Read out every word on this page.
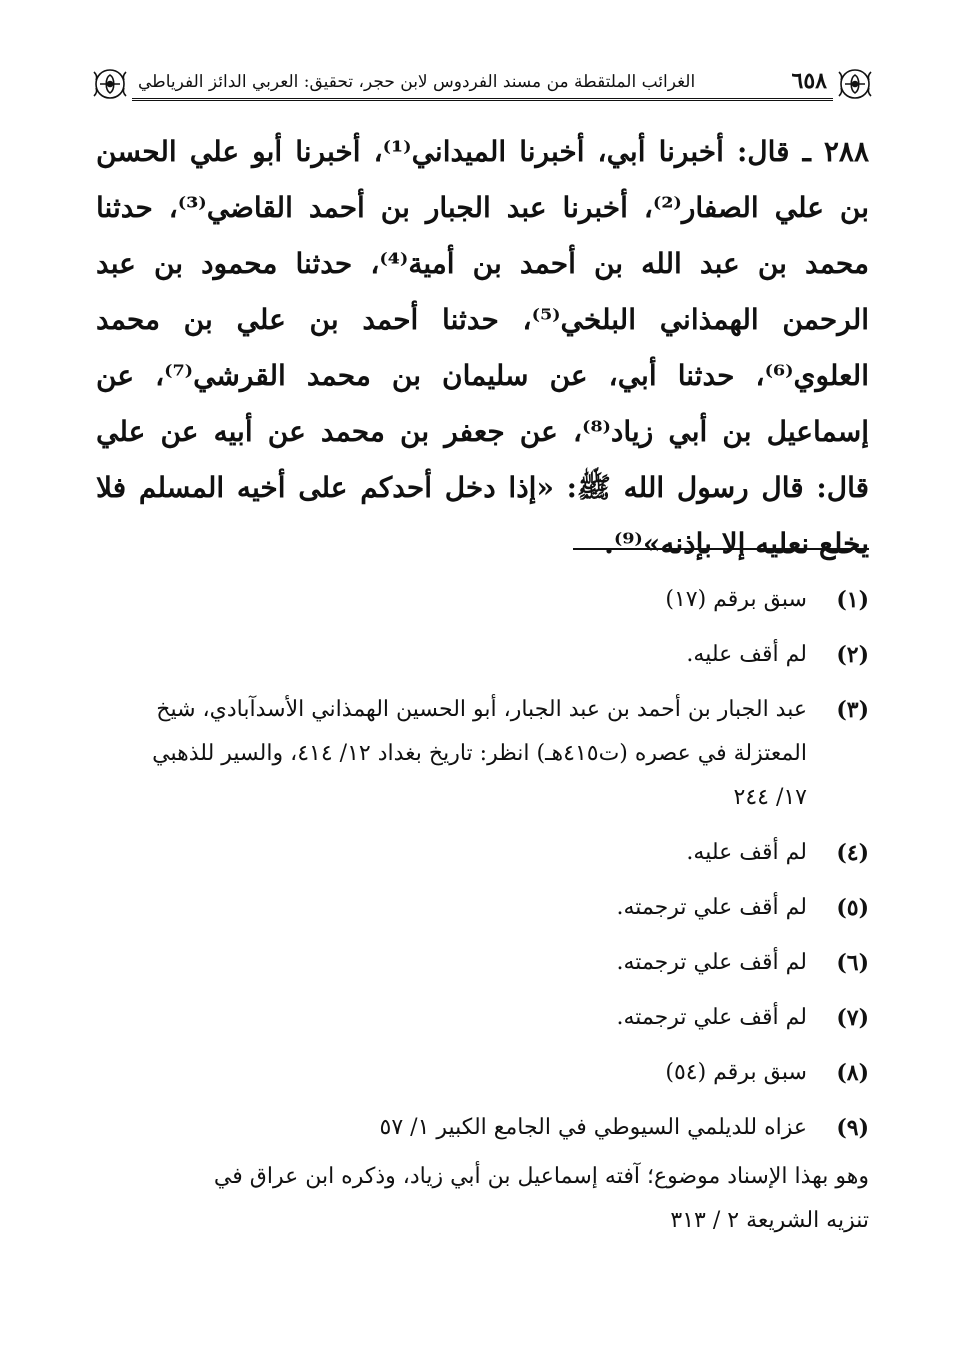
٦٥٨
الغرائب الملتقطة من مسند الفردوس لابن حجر، تحقيق: العربي الدائز الفرياطي

٢٨٨ ـ قال: أخبرنا أبي، أخبرنا الميداني⁽¹⁾، أخبرنا أبو علي الحسن بن علي الصفار⁽²⁾، أخبرنا عبد الجبار بن أحمد القاضي⁽³⁾، حدثنا محمد بن عبد الله بن أحمد بن أمية⁽⁴⁾، حدثنا محمود بن عبد الرحمن الهمذاني البلخي⁽⁵⁾، حدثنا أحمد بن علي بن محمد العلوي⁽⁶⁾، حدثنا أبي، عن سليمان بن محمد القرشي⁽⁷⁾، عن إسماعيل بن أبي زياد⁽⁸⁾، عن جعفر بن محمد عن أبيه عن علي قال: قال رسول الله ﷺ: «إذا دخل أحدكم على أخيه المسلم فلا يخلع نعليه إلا بإذنه»⁽⁹⁾.

(١)
سبق برقم (١٧)
(٢)
لم أقف عليه.
(٣)
عبد الجبار بن أحمد بن عبد الجبار، أبو الحسين الهمذاني الأسدآبادي، شيخ
المعتزلة في عصره (ت٤١٥هـ) انظر: تاريخ بغداد ١٢/ ٤١٤، والسير للذهبي
١٧/ ٢٤٤
(٤)
لم أقف عليه.
(٥)
لم أقف علي ترجمته.
(٦)
لم أقف علي ترجمته.
(٧)
لم أقف علي ترجمته.
(٨)
سبق برقم (٥٤)
(٩)
عزاه للديلمي السيوطي في الجامع الكبير ١/ ٥٧
وهو بهذا الإسناد موضوع؛ آفته إسماعيل بن أبي زياد، وذكره ابن عراق في
تنزيه الشريعة ٢ / ٣١٣
